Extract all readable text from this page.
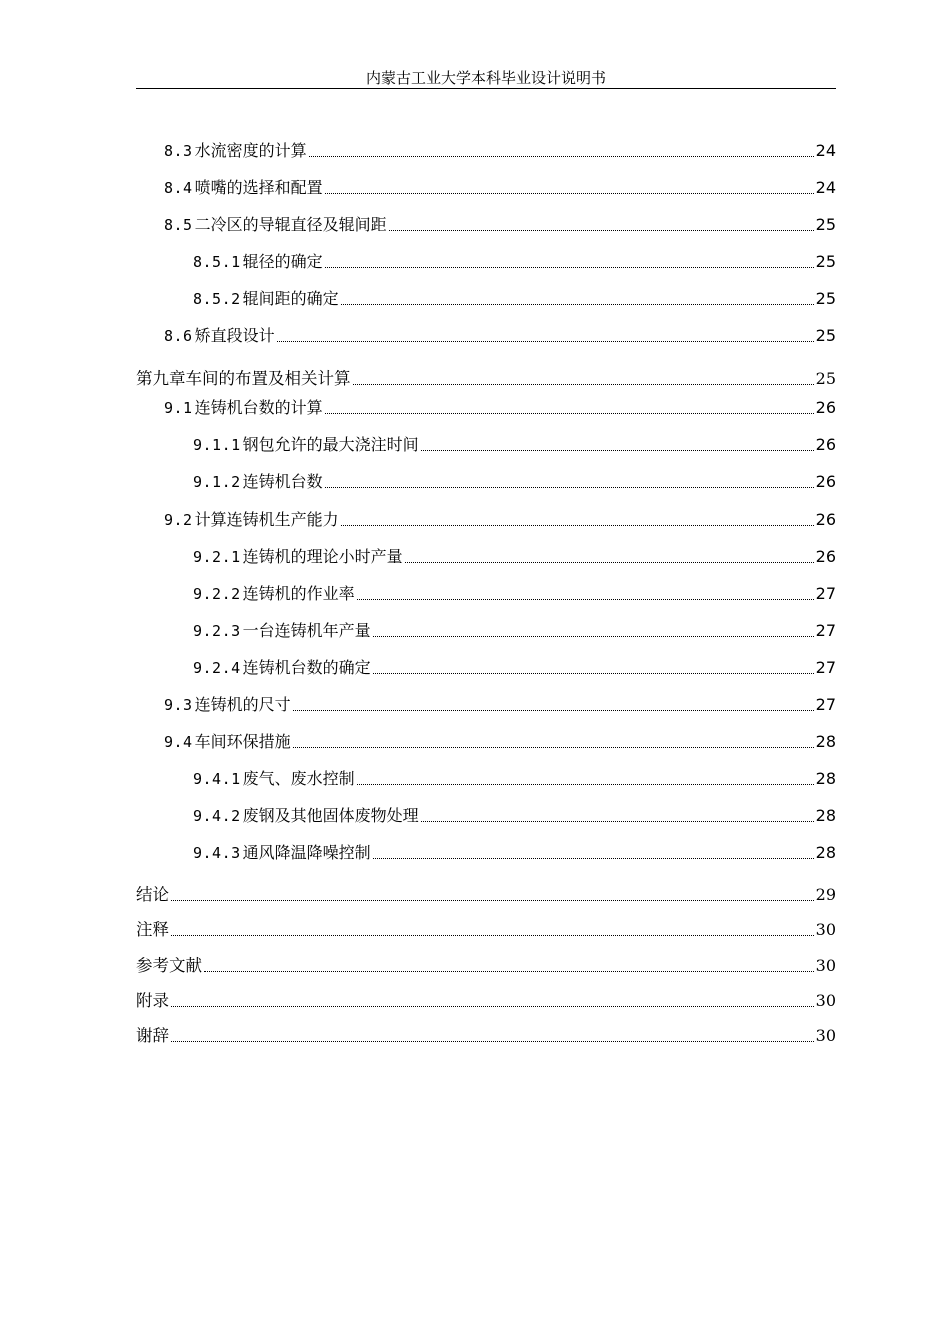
内蒙古工业大学本科毕业设计说明书
8.3 水流密度的计算	24
8.4 喷嘴的选择和配置	24
8.5 二冷区的导辊直径及辊间距	25
8.5.1 辊径的确定	25
8.5.2 辊间距的确定	25
8.6 矫直段设计	25
第九章车间的布置及相关计算	25
9.1 连铸机台数的计算	26
9.1.1 钢包允许的最大浇注时间	26
9.1.2 连铸机台数	26
9.2 计算连铸机生产能力	26
9.2.1 连铸机的理论小时产量	26
9.2.2 连铸机的作业率	27
9.2.3 一台连铸机年产量	27
9.2.4 连铸机台数的确定	27
9.3 连铸机的尺寸	27
9.4 车间环保措施	28
9.4.1 废气、废水控制	28
9.4.2 废钢及其他固体废物处理	28
9.4.3 通风降温降噪控制	28
结论	29
注释	30
参考文献	30
附录	30
谢辞	30
